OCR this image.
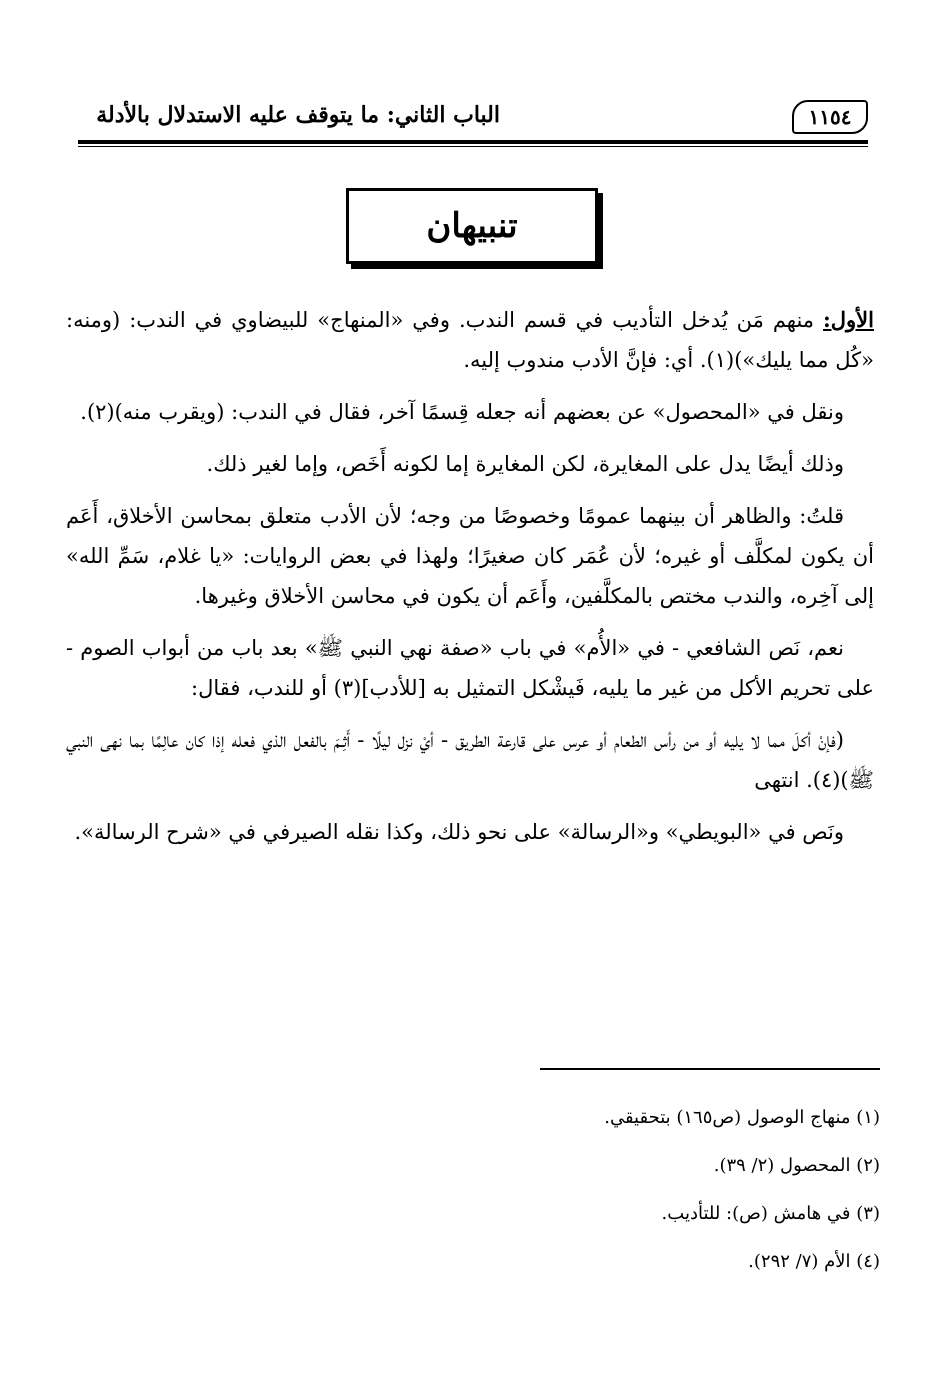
الباب الثاني: ما يتوقف عليه الاستدلال بالأدلة	١١٥٤
تنبيهان

الأول: منهم مَن يُدخل التأديب في قسم الندب. وفي «المنهاج» للبيضاوي في الندب: (ومنه: «كُل مما يليك»)(١). أي: فإنَّ الأدب مندوب إليه.

ونقل في «المحصول» عن بعضهم أنه جعله قِسمًا آخر، فقال في الندب: (ويقرب منه)(٢).

وذلك أيضًا يدل على المغايرة، لكن المغايرة إما لكونه أَخَص، وإما لغير ذلك.

قلتُ: والظاهر أن بينهما عمومًا وخصوصًا من وجه؛ لأن الأدب متعلق بمحاسن الأخلاق، أَعَم أن يكون لمكلَّف أو غيره؛ لأن عُمَر كان صغيرًا؛ ولهذا في بعض الروايات: «يا غلام، سَمِّ الله» إلى آخِره، والندب مختص بالمكلَّفين، وأَعَم أن يكون في محاسن الأخلاق وغيرها.

نعم، نَص الشافعي - في «الأُم» في باب «صفة نهي النبي ﷺ» بعد باب من أبواب الصوم - على تحريم الأكل من غير ما يليه، فَيشْكل التمثيل به [للأدب](٣) أو للندب، فقال:

(فإنْ أكلَ مما لا يليه أو من رأس الطعام أو عرس على قارعة الطريق - أيْ نزل ليلًا - أَثِـمَ بالفعل الذي فعله إذا كان عالِمًا بما نهى النبي ﷺ)(٤). انتهى

ونَص في «البويطي» و«الرسالة» على نحو ذلك، وكذا نقله الصيرفي في «شرح الرسالة».

(١) منهاج الوصول (ص١٦٥) بتحقيقي.
(٢) المحصول (٢/ ٣٩).
(٣) في هامش (ص): للتأديب.
(٤) الأم (٧/ ٢٩٢).
